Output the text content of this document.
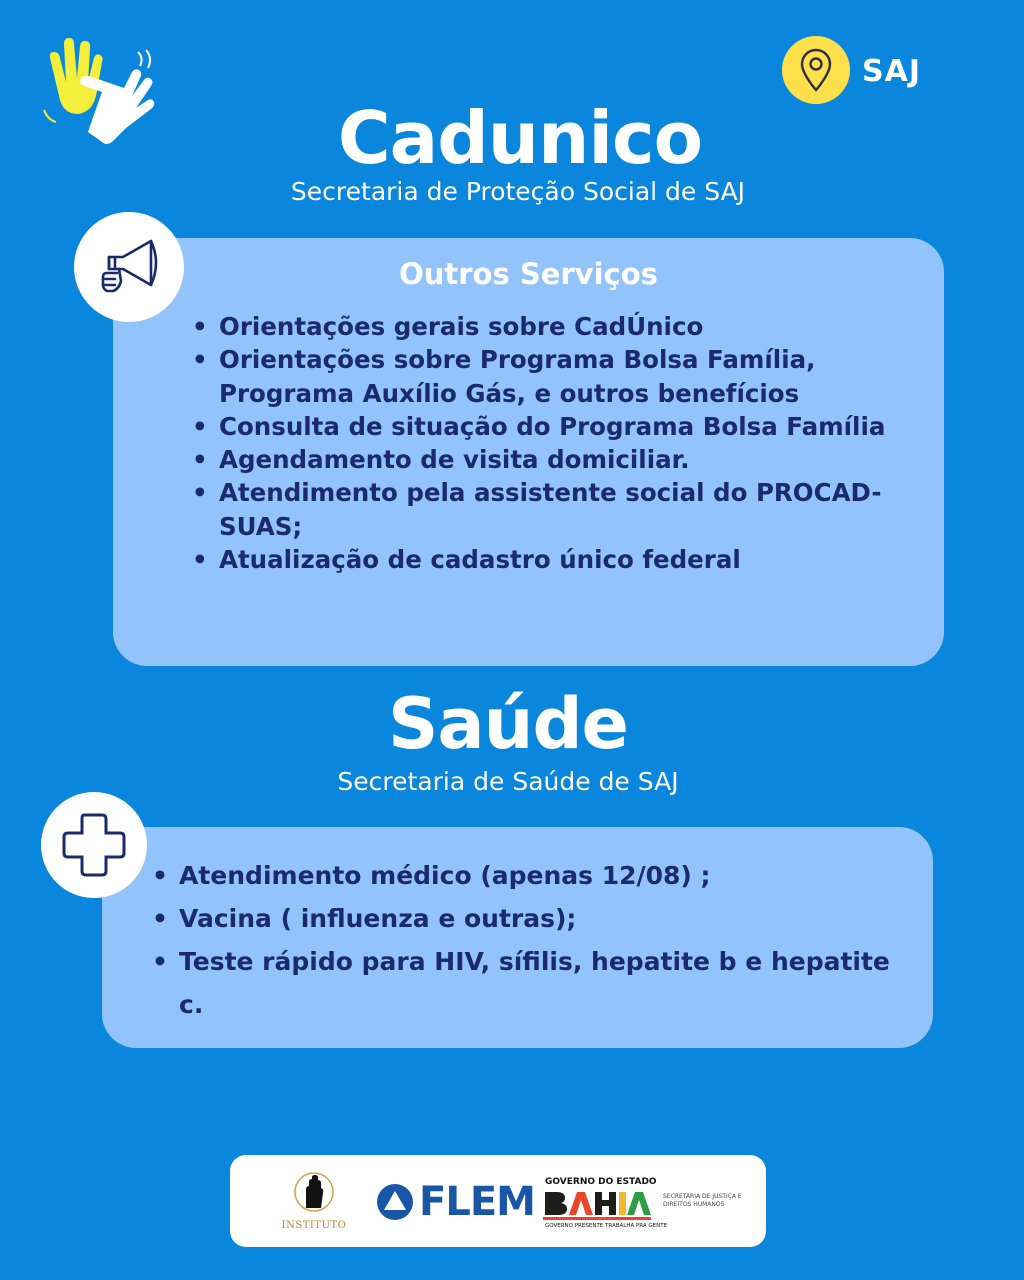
SAJ
Cadunico
Secretaria de Proteção Social de SAJ
Outros Serviços
• Orientações gerais sobre CadÚnico
• Orientações sobre Programa Bolsa Família, Programa Auxílio Gás, e outros benefícios
• Consulta de situação do Programa Bolsa Família
• Agendamento de visita domiciliar.
• Atendimento pela assistente social do PROCAD-SUAS;
• Atualização de cadastro único federal
Saúde
Secretaria de Saúde de SAJ
• Atendimento médico (apenas 12/08) ;
• Vacina ( influenza e outras);
• Teste rápido para HIV, sífilis, hepatite b e hepatite c.
INSTITUTO
FLEM GOVERNO DO ESTADO
GOVERNO PRESENTE TRABALHA PRA GENTE
SECRETARIA DE JUSTIÇA E DIREITOS HUMANOS
